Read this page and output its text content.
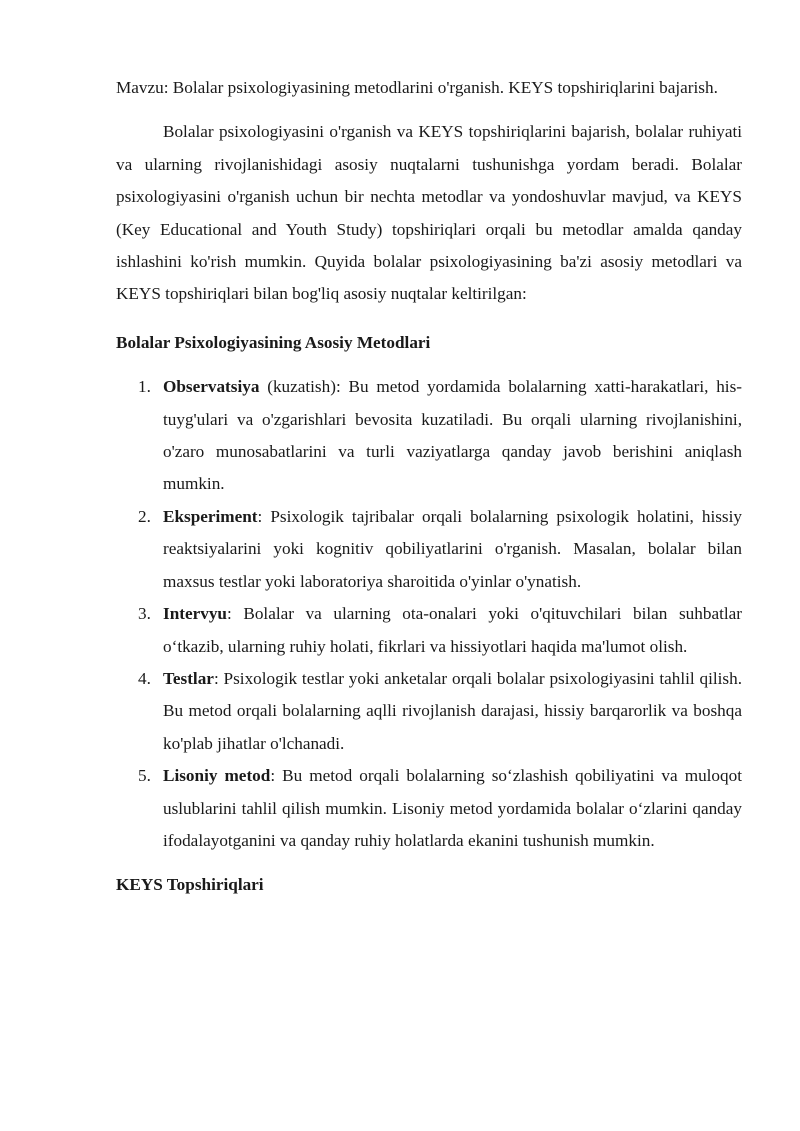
Mavzu: Bolalar psixologiyasining metodlarini o'rganish. KEYS topshiriqlarini bajarish.

Bolalar psixologiyasini o'rganish va KEYS topshiriqlarini bajarish, bolalar ruhiyati va ularning rivojlanishidagi asosiy nuqtalarni tushunishga yordam beradi. Bolalar psixologiyasini o'rganish uchun bir nechta metodlar va yondoshuvlar mavjud, va KEYS (Key Educational and Youth Study) topshiriqlari orqali bu metodlar amalda qanday ishlashini ko'rish mumkin. Quyida bolalar psixologiyasining ba'zi asosiy metodlari va KEYS topshiriqlari bilan bog'liq asosiy nuqtalar keltirilgan:

Bolalar Psixologiyasining Asosiy Metodlari

1. Observatsiya (kuzatish): Bu metod yordamida bolalarning xatti-harakatlari, his-tuyg'ulari va o'zgarishlari bevosita kuzatiladi. Bu orqali ularning rivojlanishini, o'zaro munosabatlarini va turli vaziyatlarga qanday javob berishini aniqlash mumkin.
2. Eksperiment: Psixologik tajribalar orqali bolalarning psixologik holatini, hissiy reaktsiyalarini yoki kognitiv qobiliyatlarini o'rganish. Masalan, bolalar bilan maxsus testlar yoki laboratoriya sharoitida o'yinlar o'ynatish.
3. Intervyu: Bolalar va ularning ota-onalari yoki o'qituvchilari bilan suhbatlar o‘tkazib, ularning ruhiy holati, fikrlari va hissiyotlari haqida ma'lumot olish.
4. Testlar: Psixologik testlar yoki anketalar orqali bolalar psixologiyasini tahlil qilish. Bu metod orqali bolalarning aqlli rivojlanish darajasi, hissiy barqarorlik va boshqa ko'plab jihatlar o'lchanadi.
5. Lisoniy metod: Bu metod orqali bolalarning so‘zlashish qobiliyatini va muloqot uslublarini tahlil qilish mumkin. Lisoniy metod yordamida bolalar o‘zlarini qanday ifodalayotganini va qanday ruhiy holatlarda ekanini tushunish mumkin.

KEYS Topshiriqlari
